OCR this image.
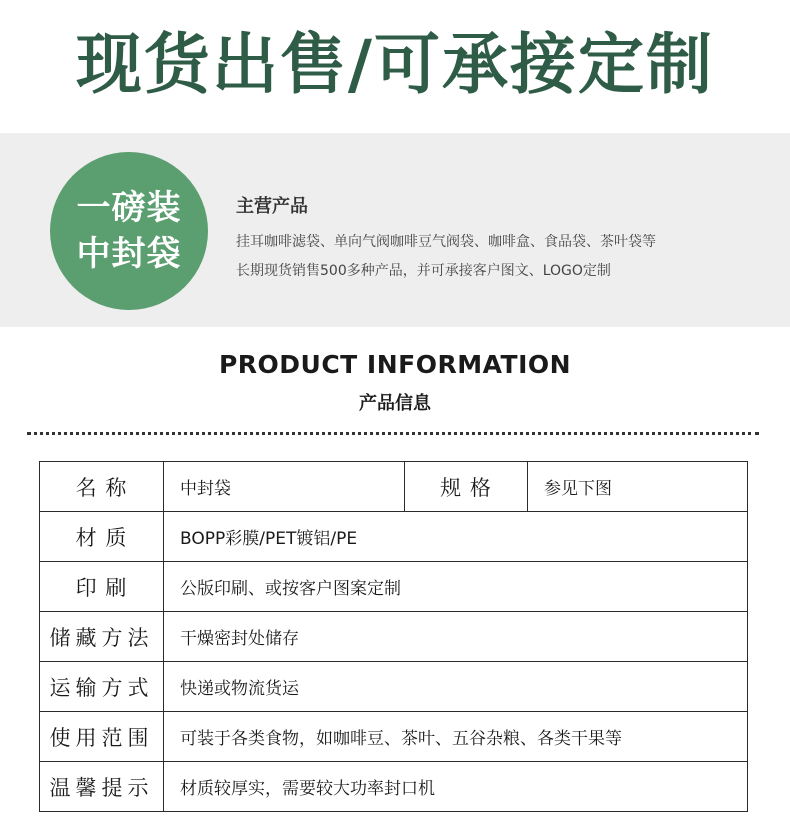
现货出售/可承接定制
一磅装
中封袋
主营产品
挂耳咖啡滤袋、单向气阀咖啡豆气阀袋、咖啡盒、食品袋、茶叶袋等
长期现货销售500多种产品，并可承接客户图文、LOGO定制
PRODUCT INFORMATION
产品信息
名 称	中封袋	规 格	参见下图
材 质	BOPP彩膜/PET镀铝/PE		
印 刷	公版印刷、或按客户图案定制		
储藏方法	干燥密封处储存		
运输方式	快递或物流货运		
使用范围	可装于各类食物，如咖啡豆、茶叶、五谷杂粮、各类干果等		
温馨提示	材质较厚实，需要较大功率封口机		
